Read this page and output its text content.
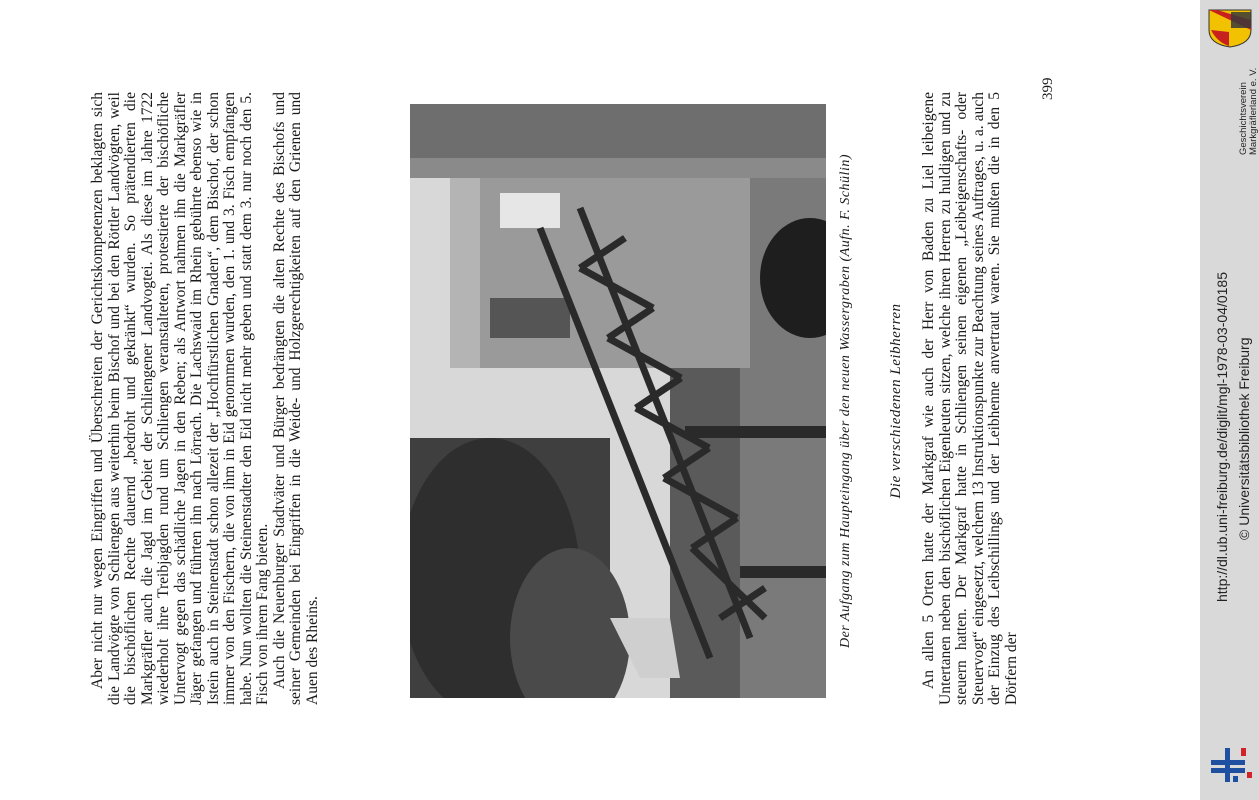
Aber nicht nur wegen Eingriffen und Überschreiten der Gerichtskompetenzen beklagten sich die Landvögte von Schliengen aus weiterhin beim Bischof und bei den Röttler Landvögten, weil die bischöflichen Rechte dauernd „bedroht und gekränkt“ wurden. So prätendierten die Markgräfler auch die Jagd im Gebiet der Schliengener Landvogtei. Als diese im Jahre 1722 wiederholt ihre Treibjagden rund um Schliengen veranstalteten, protestierte der bischöfliche Untervogt gegen das schädliche Jagen in den Reben; als Antwort nahmen ihn die Markgräfler Jäger gefangen und führten ihn nach Lörrach. Die Lachswaid im Rhein gebührte ebenso wie in Istein auch in Steinenstadt schon allezeit der „Hochfürstlichen Gnaden“, dem Bischof, der schon immer von den Fischern, die von ihm in Eid genommen wurden, den 1. und 3. Fisch empfangen habe. Nun wollten die Steinenstadter den Eid nicht mehr geben und statt dem 3. nur noch den 5. Fisch von ihrem Fang bieten. Auch die Neuenburger Stadtväter und Bürger bedrängten die alten Rechte des Bischofs und seiner Gemeinden bei Eingriffen in die Weide- und Holzgerechtigkeiten auf den Grienen und Auen des Rheins.

Der Aufgang zum Haupteingang über den neuen Wassergraben (Aufn. F. Schülin) Die verschiedenen Leibherren An allen 5 Orten hatte der Markgraf wie auch der Herr von Baden zu Liel leibeigene Untertanen neben den bischöflichen Eigenleuten sitzen, welche ihren Herren zu huldigen und zu steuern hatten. Der Markgraf hatte in Schliengen seinen eigenen „Leibeigenschafts- oder Steuervogt“ eingesetzt, welchem 13 Instruktionspunkte zur Beachtung seines Auftrages, u. a. auch der Einzug des Leibschillings und der Leibhenne anvertraut waren. Sie mußten die in den 5 Dörfern der

399	Geschichtsverein Markgräflerland e. V.
http://dl.ub.uni-freiburg.de/diglit/mgl-1978-03-04/0185 © Universitätsbibliothek Freiburg
